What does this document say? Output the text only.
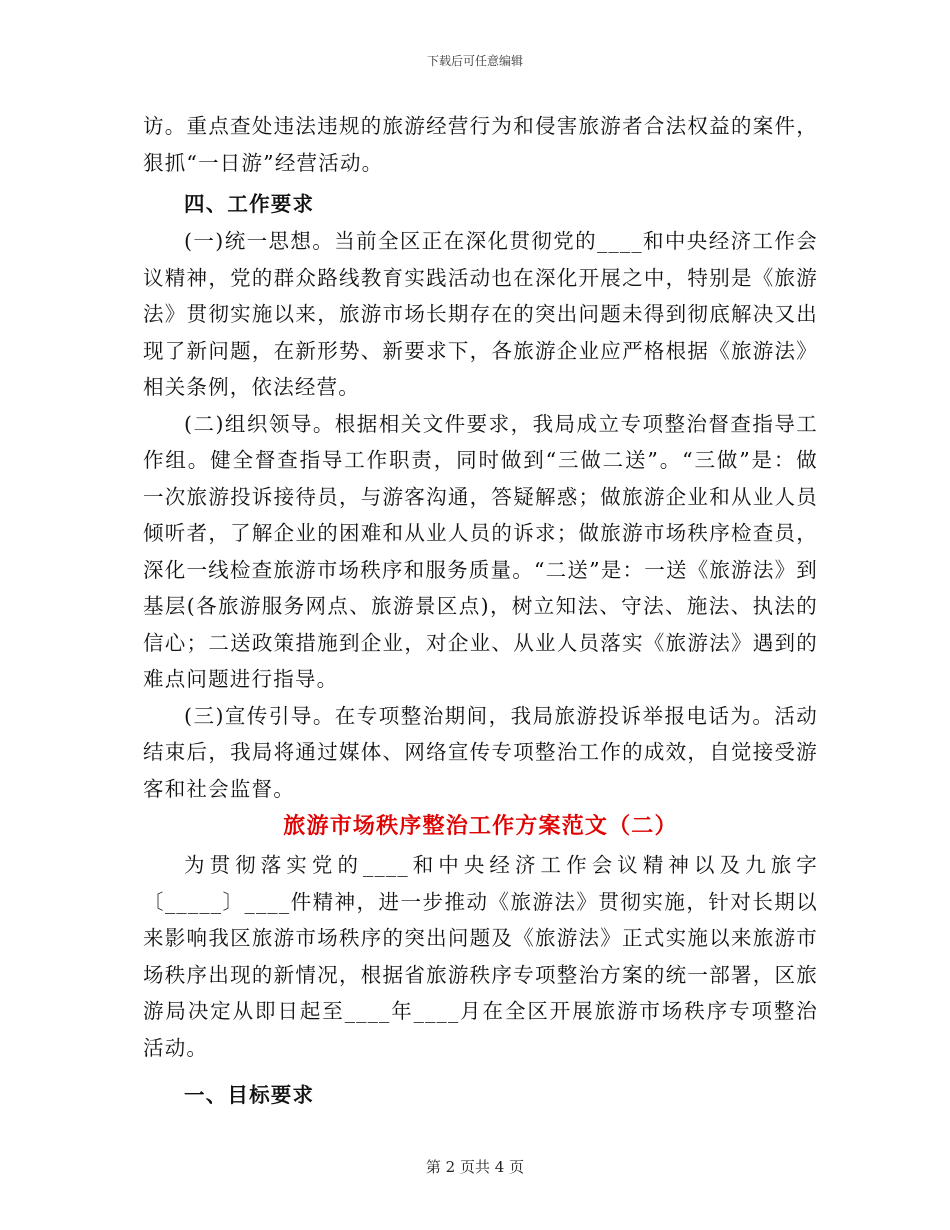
下载后可任意编辑

访。重点查处违法违规的旅游经营行为和侵害旅游者合法权益的案件，狠抓“一日游”经营活动。

四、工作要求

(一)统一思想。当前全区正在深化贯彻党的____和中央经济工作会议精神，党的群众路线教育实践活动也在深化开展之中，特别是《旅游法》贯彻实施以来，旅游市场长期存在的突出问题未得到彻底解决又出现了新问题，在新形势、新要求下，各旅游企业应严格根据《旅游法》相关条例，依法经营。

(二)组织领导。根据相关文件要求，我局成立专项整治督查指导工作组。健全督查指导工作职责，同时做到“三做二送”。“三做”是：做一次旅游投诉接待员，与游客沟通，答疑解惑；做旅游企业和从业人员倾听者，了解企业的困难和从业人员的诉求；做旅游市场秩序检查员，深化一线检查旅游市场秩序和服务质量。“二送”是：一送《旅游法》到基层(各旅游服务网点、旅游景区点)，树立知法、守法、施法、执法的信心；二送政策措施到企业，对企业、从业人员落实《旅游法》遇到的难点问题进行指导。

(三)宣传引导。在专项整治期间，我局旅游投诉举报电话为。活动结束后，我局将通过媒体、网络宣传专项整治工作的成效，自觉接受游客和社会监督。

旅游市场秩序整治工作方案范文（二）

为贯彻落实党的____和中央经济工作会议精神以及九旅字〔_____〕____件精神，进一步推动《旅游法》贯彻实施，针对长期以来影响我区旅游市场秩序的突出问题及《旅游法》正式实施以来旅游市场秩序出现的新情况，根据省旅游秩序专项整治方案的统一部署，区旅游局决定从即日起至____年____月在全区开展旅游市场秩序专项整治活动。

一、目标要求

第 2 页共 4 页
